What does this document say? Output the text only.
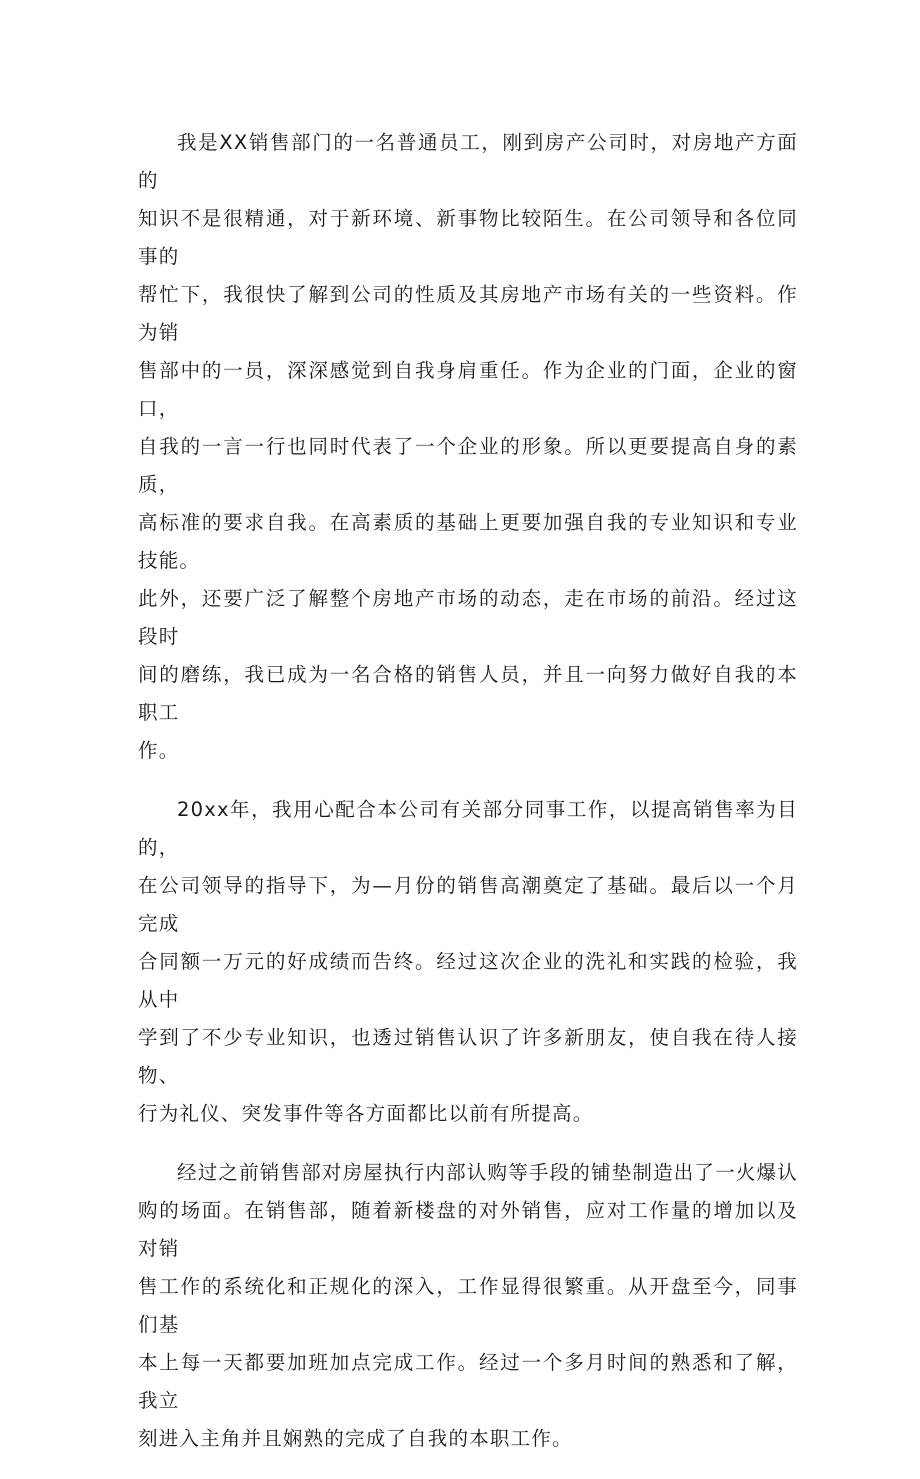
我是XX销售部门的一名普通员工，刚到房产公司时，对房地产方面的
知识不是很精通，对于新环境、新事物比较陌生。在公司领导和各位同事的
帮忙下，我很快了解到公司的性质及其房地产市场有关的一些资料。作为销
售部中的一员，深深感觉到自我身肩重任。作为企业的门面，企业的窗口，
自我的一言一行也同时代表了一个企业的形象。所以更要提高自身的素质，
高标准的要求自我。在高素质的基础上更要加强自我的专业知识和专业技能。
此外，还要广泛了解整个房地产市场的动态，走在市场的前沿。经过这段时
间的磨练，我已成为一名合格的销售人员，并且一向努力做好自我的本职工
作。

20xx年，我用心配合本公司有关部分同事工作，以提高销售率为目的，
在公司领导的指导下，为—月份的销售高潮奠定了基础。最后以一个月完成
合同额一万元的好成绩而告终。经过这次企业的洗礼和实践的检验，我从中
学到了不少专业知识，也透过销售认识了许多新朋友，使自我在待人接物、
行为礼仪、突发事件等各方面都比以前有所提高。

经过之前销售部对房屋执行内部认购等手段的铺垫制造出了一火爆认
购的场面。在销售部，随着新楼盘的对外销售，应对工作量的增加以及对销
售工作的系统化和正规化的深入，工作显得很繁重。从开盘至今，同事们基
本上每一天都要加班加点完成工作。经过一个多月时间的熟悉和了解，我立
刻进入主角并且娴熟的完成了自我的本职工作。
